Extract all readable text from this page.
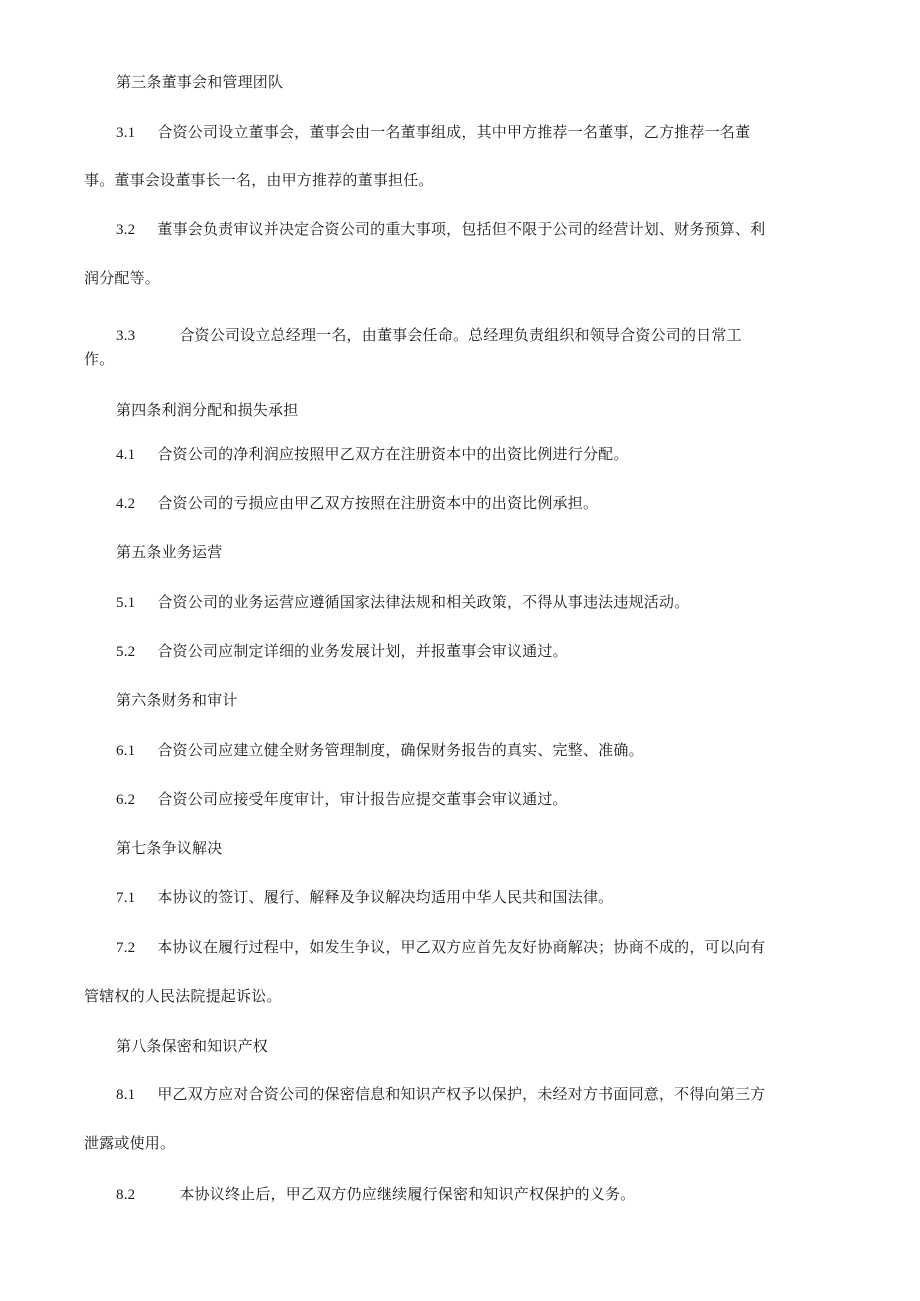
第三条董事会和管理团队
3.1 合资公司设立董事会，董事会由一名董事组成，其中甲方推荐一名董事，乙方推荐一名董
事。董事会设董事长一名，由甲方推荐的董事担任。
3.2 董事会负责审议并决定合资公司的重大事项，包括但不限于公司的经营计划、财务预算、利
润分配等。
3.3	合资公司设立总经理一名，由董事会任命。总经理负责组织和领导合资公司的日常工
作。
第四条利润分配和损失承担
4.1 合资公司的净利润应按照甲乙双方在注册资本中的出资比例进行分配。
4.2 合资公司的亏损应由甲乙双方按照在注册资本中的出资比例承担。
第五条业务运营
5.1 合资公司的业务运营应遵循国家法律法规和相关政策，不得从事违法违规活动。
5.2 合资公司应制定详细的业务发展计划，并报董事会审议通过。
第六条财务和审计
6.1 合资公司应建立健全财务管理制度，确保财务报告的真实、完整、准确。
6.2 合资公司应接受年度审计，审计报告应提交董事会审议通过。
第七条争议解决
7.1 本协议的签订、履行、解释及争议解决均适用中华人民共和国法律。
7.2 本协议在履行过程中，如发生争议，甲乙双方应首先友好协商解决；协商不成的，可以向有
管辖权的人民法院提起诉讼。
第八条保密和知识产权
8.1 甲乙双方应对合资公司的保密信息和知识产权予以保护，未经对方书面同意，不得向第三方
泄露或使用。
8.2	本协议终止后，甲乙双方仍应继续履行保密和知识产权保护的义务。
